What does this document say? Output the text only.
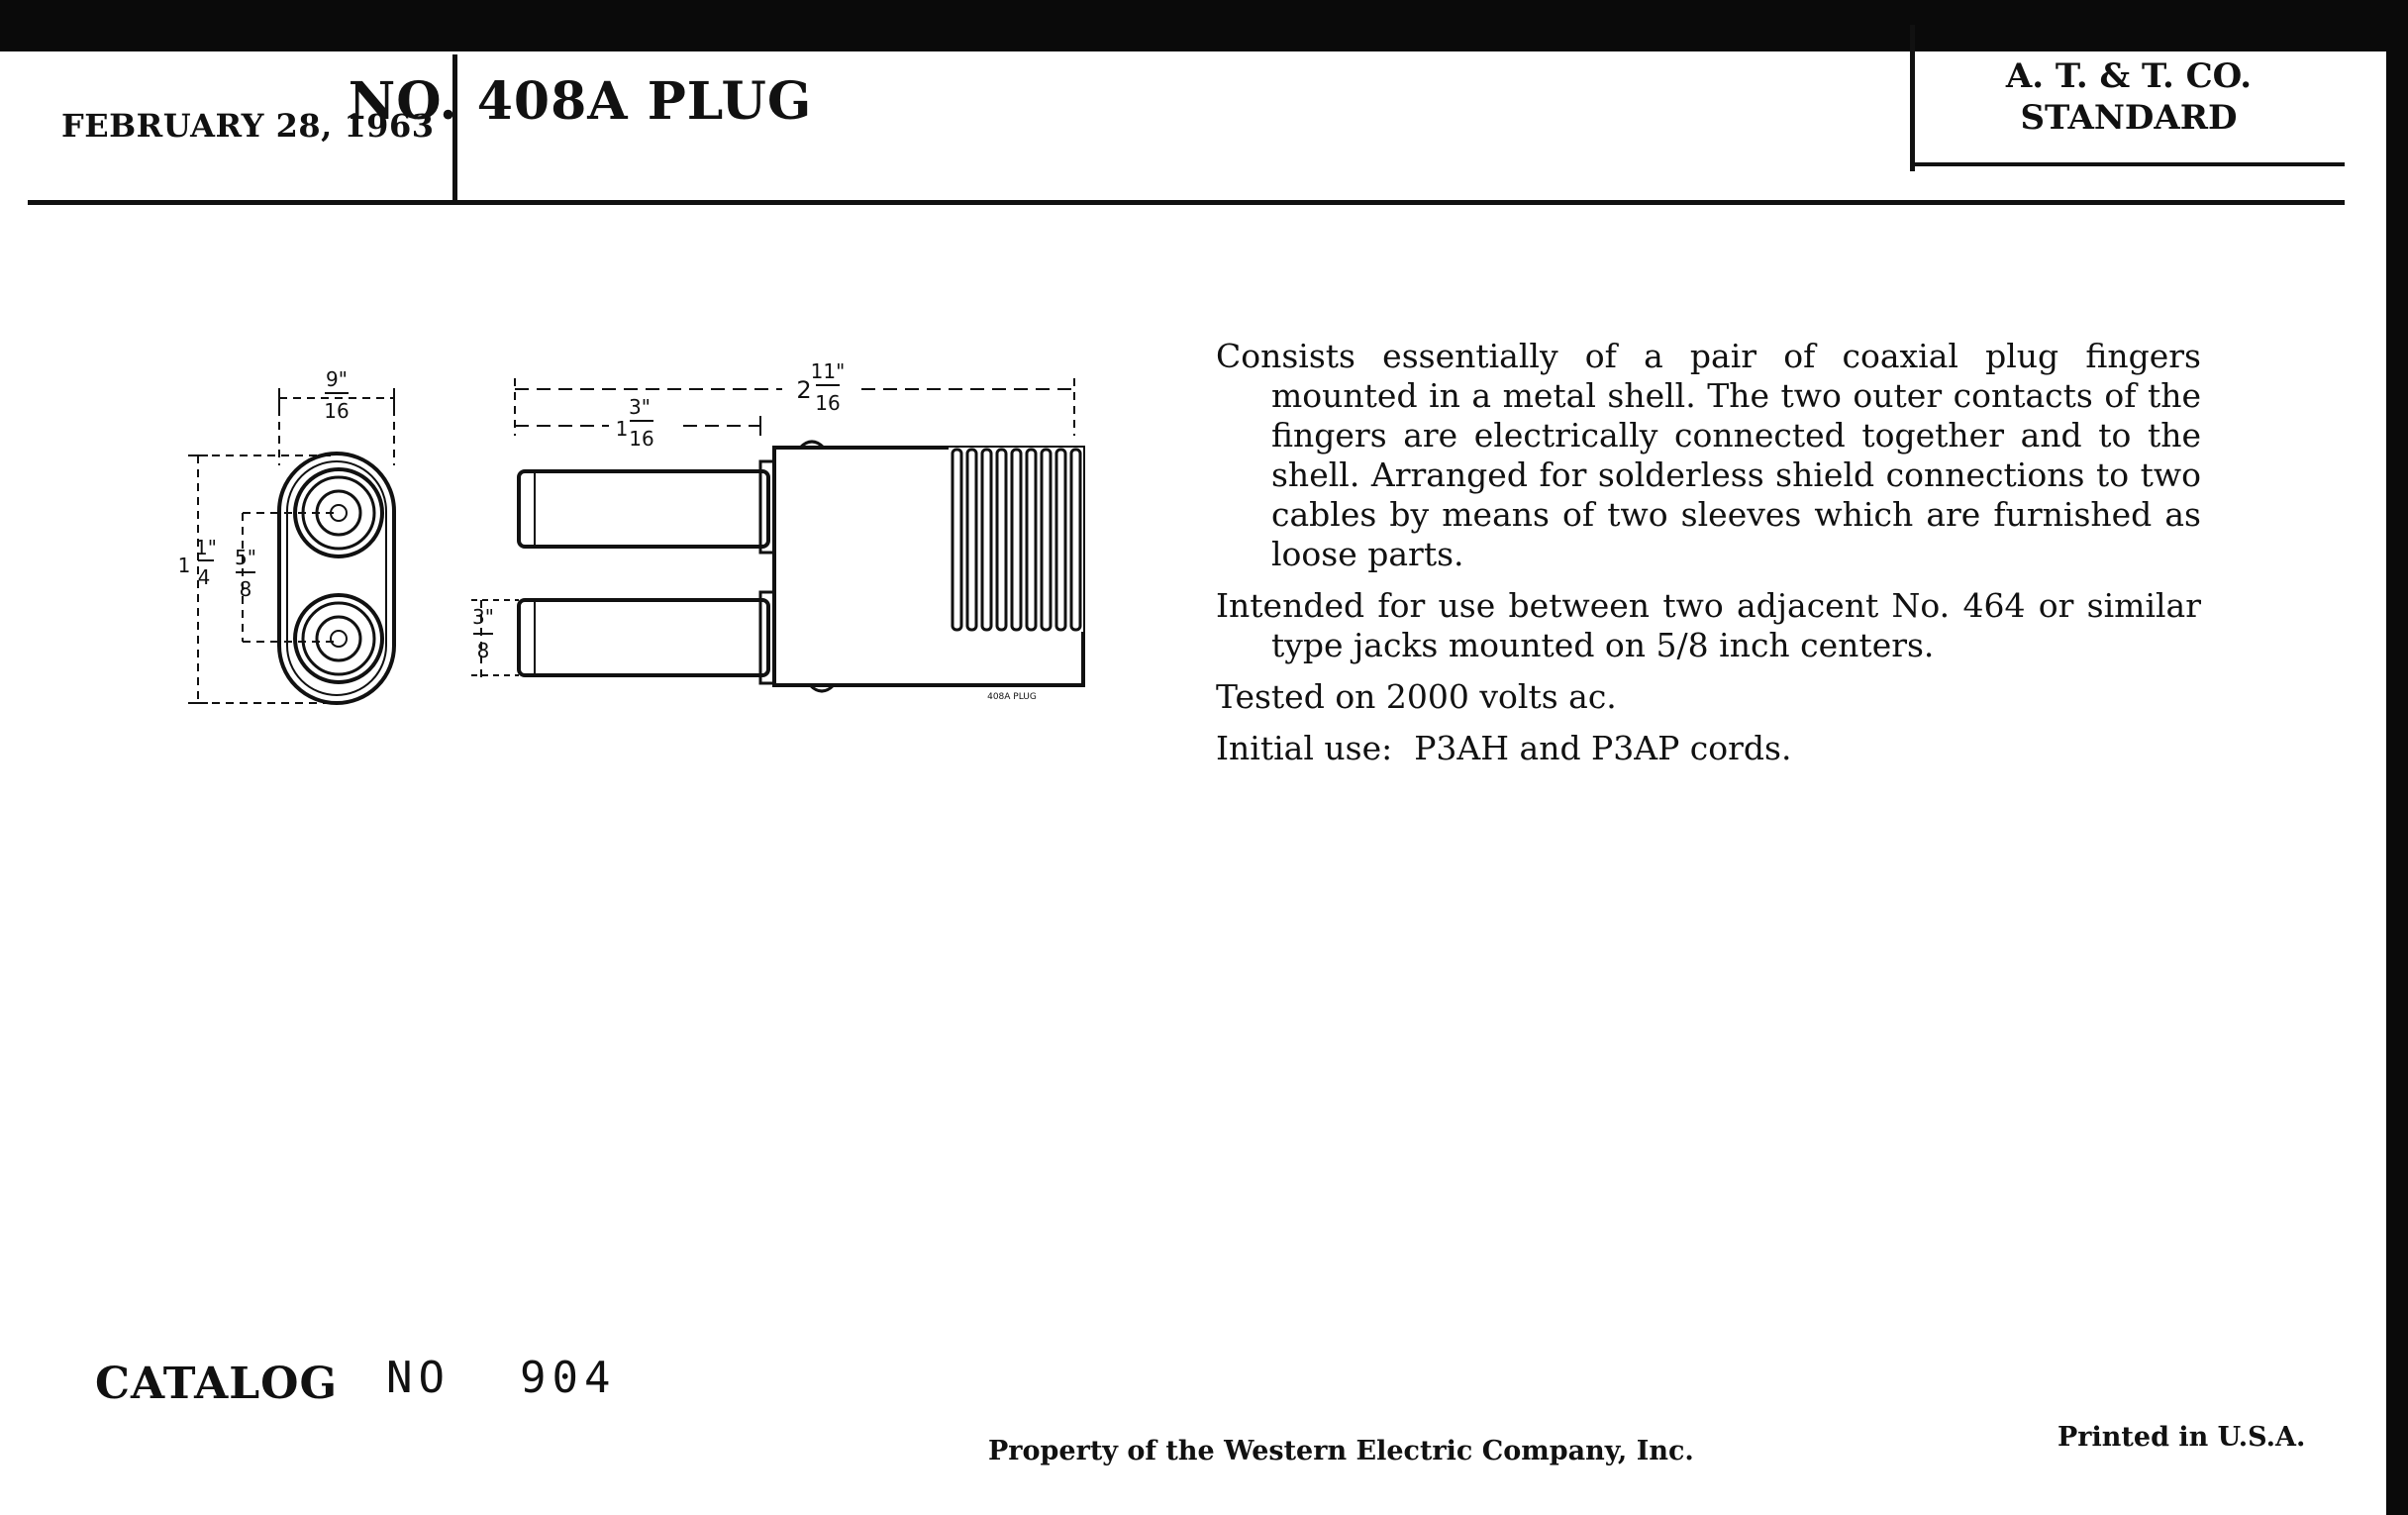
FEBRUARY 28, 1963
NO. 408A PLUG	A. T. & T. CO.
STANDARD
9"
16
1
1"
4
5"
8
1
3"
16
2
11"
16
3"
8
408A PLUG

Consists essentially of a pair of coaxial plug fingers mounted in a metal shell. The two outer contacts of the fingers are electrically connected together and to the shell. Arranged for solderless shield connections to two cables by means of two sleeves which are furnished as loose parts.

Intended for use between two adjacent No. 464 or similar type jacks mounted on 5/8 inch centers.

Tested on 2000 volts ac.

Initial use: P3AH and P3AP cords.

CATALOG NO 904
Property of the Western Electric Company, Inc.	Printed in U.S.A.
